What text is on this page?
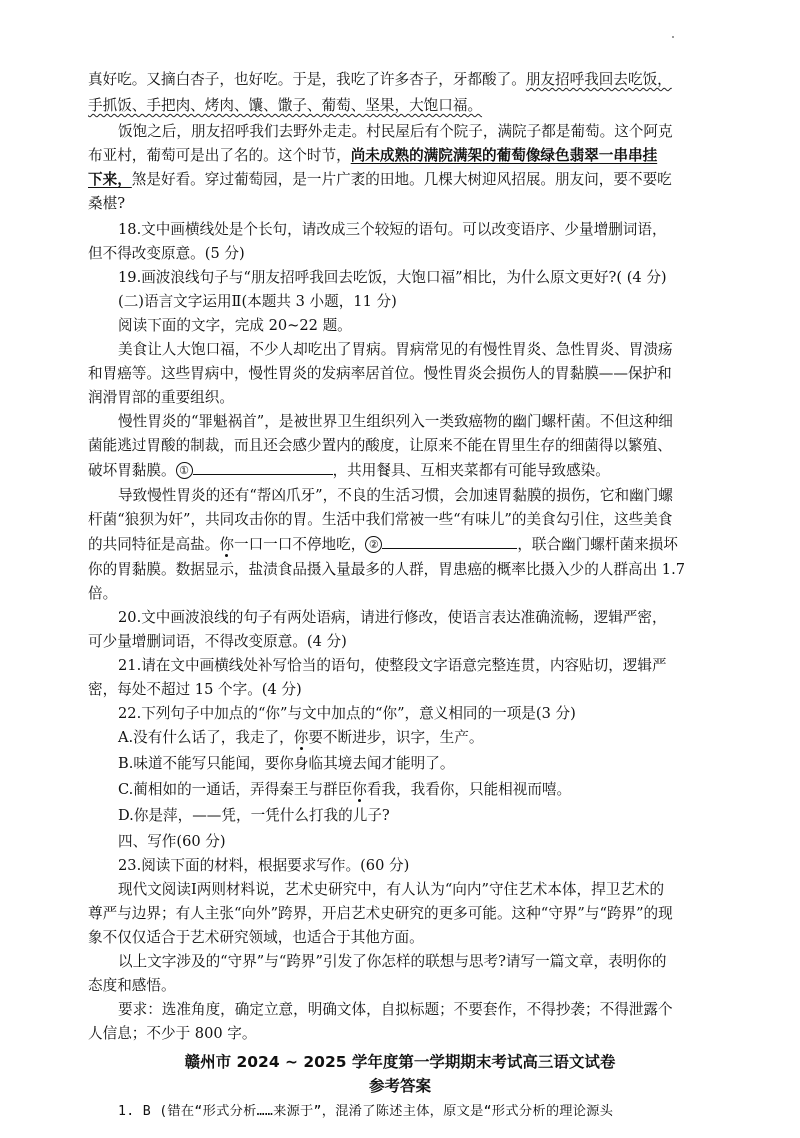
真好吃。又摘白杏子，也好吃。于是，我吃了许多杏子，牙都酸了。朋友招呼我回去吃饭，
手抓饭、手把肉、烤肉、馕、馓子、葡萄、坚果，大饱口福。
饭饱之后，朋友招呼我们去野外走走。村民屋后有个院子，满院子都是葡萄。这个阿克
布亚村，葡萄可是出了名的。这个时节，尚未成熟的满院满架的葡萄像绿色翡翠一串串挂
下来，煞是好看。穿过葡萄园，是一片广袤的田地。几棵大树迎风招展。朋友问，要不要吃
桑椹?
18.文中画横线处是个长句，请改成三个较短的语句。可以改变语序、少量增删词语，
但不得改变原意。(5 分)
19.画波浪线句子与“朋友招呼我回去吃饭，大饱口福”相比，为什么原文更好?( (4 分)
(二)语言文字运用Ⅱ(本题共 3 小题，11 分)
阅读下面的文字，完成 20~22 题。
美食让人大饱口福，不少人却吃出了胃病。胃病常见的有慢性胃炎、急性胃炎、胃溃疡
和胃癌等。这些胃病中，慢性胃炎的发病率居首位。慢性胃炎会损伤人的胃黏膜——保护和
润滑胃部的重要组织。
慢性胃炎的“罪魁祸首”，是被世界卫生组织列入一类致癌物的幽门螺杆菌。不但这种细
菌能逃过胃酸的制裁，而且还会感少置内的酸度，让原来不能在胃里生存的细菌得以繁殖、
破坏胃黏膜。 ①	，共用餐具、互相夹菜都有可能导致感染。
导致慢性胃炎的还有“帮凶爪牙”，不良的生活习惯，会加速胃黏膜的损伤，它和幽门螺
杆菌“狼狈为奸”，共同攻击你的胃。生活中我们常被一些“有味儿”的美食勾引住，这些美食
的共同特征是高盐。你一口一口不停地吃， ②	，联合幽门螺杆菌来损坏
你的胃黏膜。数据显示，盐渍食品摄入量最多的人群，胃患癌的概率比摄入少的人群高出 1.7
倍。
20.文中画波浪线的句子有两处语病，请进行修改，使语言表达准确流畅，逻辑严密，
可少量增删词语，不得改变原意。(4 分)
21.请在文中画横线处补写恰当的语句，使整段文字语意完整连贯，内容贴切，逻辑严
密，每处不超过 15 个字。(4 分)
22.下列句子中加点的“你”与文中加点的“你”，意义相同的一项是(3 分)
A.没有什么话了，我走了，你要不断进步，识字，生产。
B.味道不能写只能闻，要你身临其境去闻才能明了。
C.蔺相如的一通话，弄得秦王与群臣你看我，我看你，只能相视而嘻。
D.你是萍，——凭，一凭什么打我的儿子?
四、写作(60 分)
23.阅读下面的材料，根据要求写作。(60 分)
现代文阅读Ⅰ两则材料说，艺术史研究中，有人认为“向内”守住艺术本体，捍卫艺术的
尊严与边界；有人主张“向外”跨界，开启艺术史研究的更多可能。这种“守界”与“跨界”的现
象不仅仅适合于艺术研究领域，也适合于其他方面。
以上文字涉及的“守界”与“跨界”引发了你怎样的联想与思考?请写一篇文章，表明你的
态度和感悟。
要求：选准角度，确定立意，明确文体，自拟标题；不要套作，不得抄袭；不得泄露个
人信息；不少于 800 字。
赣州市 2024 ~ 2025 学年度第一学期期末考试高三语文试卷
参考答案
1. B (错在“形式分析……来源于”，混淆了陈述主体，原文是“形式分析的理论源头
